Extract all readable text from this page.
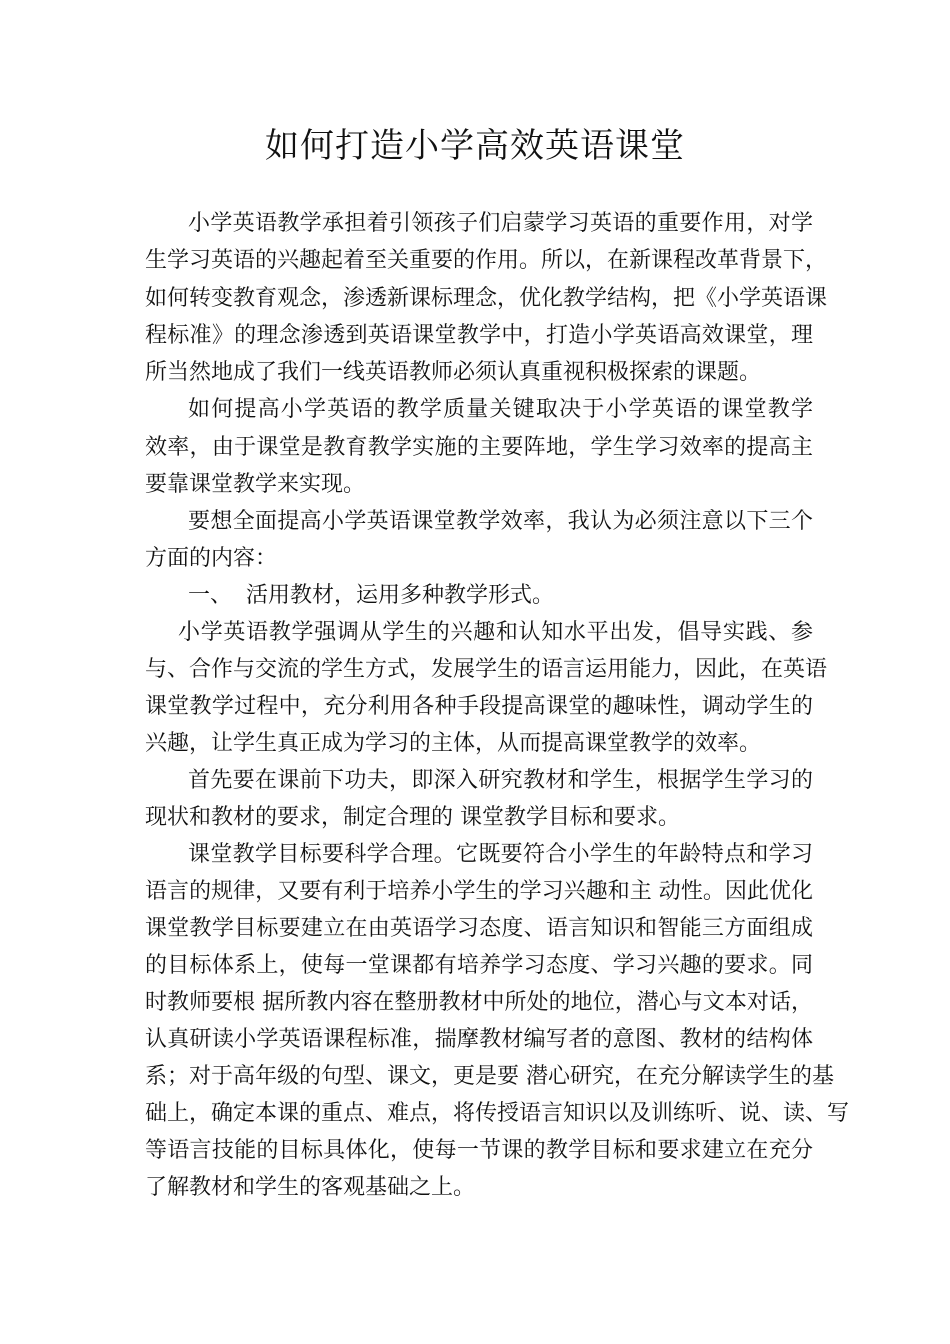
如何打造小学高效英语课堂
小学英语教学承担着引领孩子们启蒙学习英语的重要作用，对学
生学习英语的兴趣起着至关重要的作用。所以，在新课程改革背景下，
如何转变教育观念，渗透新课标理念，优化教学结构，把《小学英语课
程标准》的理念渗透到英语课堂教学中，打造小学英语高效课堂，理
所当然地成了我们一线英语教师必须认真重视积极探索的课题。
如何提高小学英语的教学质量关键取决于小学英语的课堂教学
效率，由于课堂是教育教学实施的主要阵地，学生学习效率的提高主
要靠课堂教学来实现。
要想全面提高小学英语课堂教学效率，我认为必须注意以下三个
方面的内容：
一、 活用教材，运用多种教学形式。
小学英语教学强调从学生的兴趣和认知水平出发，倡导实践、参
与、合作与交流的学生方式，发展学生的语言运用能力，因此，在英语
课堂教学过程中，充分利用各种手段提高课堂的趣味性，调动学生的
兴趣，让学生真正成为学习的主体，从而提高课堂教学的效率。
首先要在课前下功夫，即深入研究教材和学生，根据学生学习的
现状和教材的要求，制定合理的 课堂教学目标和要求。
课堂教学目标要科学合理。它既要符合小学生的年龄特点和学习
语言的规律，又要有利于培养小学生的学习兴趣和主 动性。因此优化
课堂教学目标要建立在由英语学习态度、语言知识和智能三方面组成
的目标体系上，使每一堂课都有培养学习态度、学习兴趣的要求。同
时教师要根 据所教内容在整册教材中所处的地位，潜心与文本对话，
认真研读小学英语课程标准，揣摩教材编写者的意图、教材的结构体
系；对于高年级的句型、课文，更是要 潜心研究，在充分解读学生的基
础上，确定本课的重点、难点，将传授语言知识以及训练听、说、读、写
等语言技能的目标具体化，使每一节课的教学目标和要求建立在充分
了解教材和学生的客观基础之上。
